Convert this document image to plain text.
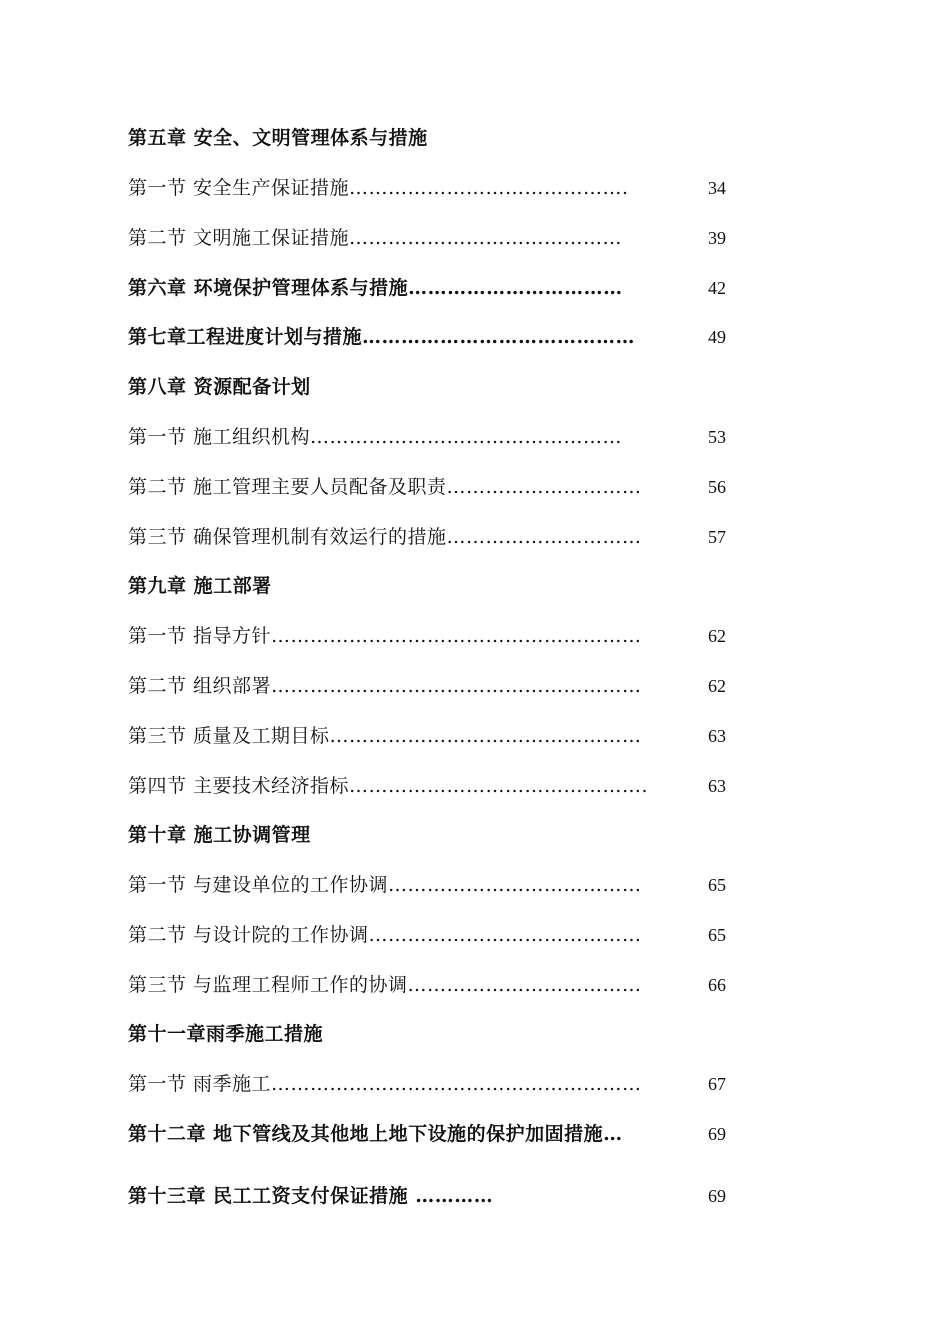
第五章 安全、文明管理体系与措施
第一节 安全生产保证措施…………………………………….	34
第二节 文明施工保证措施……………………………………	39
第六章 环境保护管理体系与措施……………………………	42
第七章工程进度计划与措施……………………………………	49
第八章 资源配备计划
第一节 施工组织机构…………………………………………	53
第二节 施工管理主要人员配备及职责…………………………	56
第三节 确保管理机制有效运行的措施…………………………	57
第九章 施工部署
第一节 指导方针…………………………………………………	62
第二节 组织部署…………………………………………………	62
第三节 质量及工期目标…………………………………………	63
第四节 主要技术经济指标……………………………………….	63
第十章 施工协调管理
第一节 与建设单位的工作协调…………………………………	65
第二节 与设计院的工作协调……………………………………	65
第三节 与监理工程师工作的协调………………………………	66
第十一章雨季施工措施
第一节 雨季施工…………………………………………………	67
第十二章 地下管线及其他地上地下设施的保护加固措施…	69
第十三章 民工工资支付保证措施 …………	69
